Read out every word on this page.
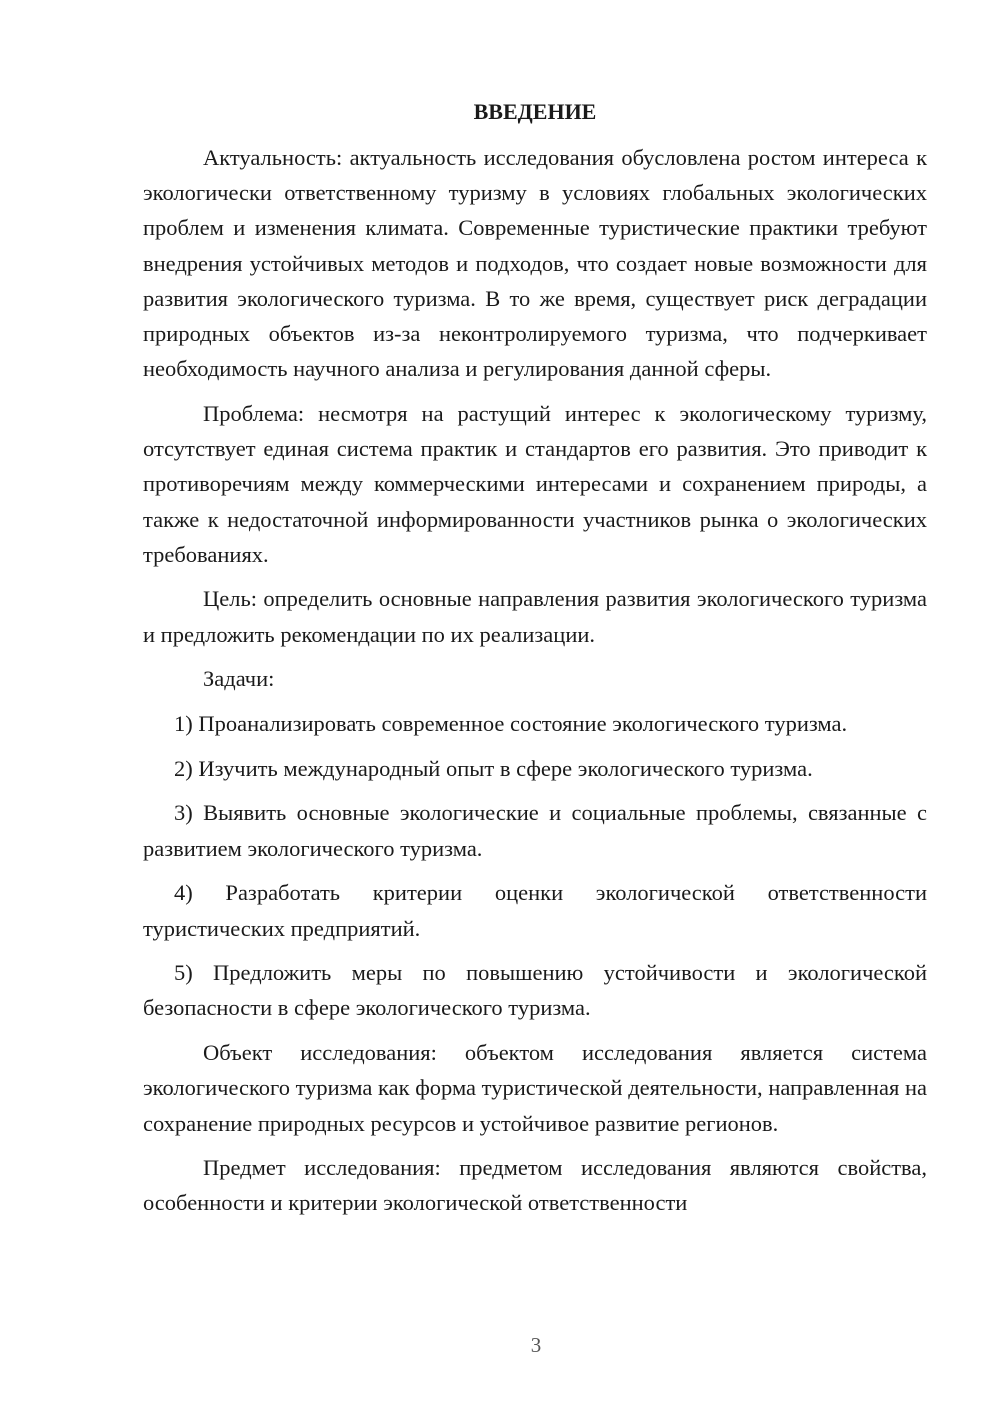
ВВЕДЕНИЕ

Актуальность: актуальность исследования обусловлена ростом интереса к экологически ответственному туризму в условиях глобальных экологических проблем и изменения климата. Современные туристические практики требуют внедрения устойчивых методов и подходов, что создает новые возможности для развития экологического туризма. В то же время, существует риск деградации природных объектов из-за неконтролируемого туризма, что подчеркивает необходимость научного анализа и регулирования данной сферы.

Проблема: несмотря на растущий интерес к экологическому туризму, отсутствует единая система практик и стандартов его развития. Это приводит к противоречиям между коммерческими интересами и сохранением природы, а также к недостаточной информированности участников рынка о экологических требованиях.

Цель: определить основные направления развития экологического туризма и предложить рекомендации по их реализации.

Задачи:

1) Проанализировать современное состояние экологического туризма.

2) Изучить международный опыт в сфере экологического туризма.

3) Выявить основные экологические и социальные проблемы, связанные с развитием экологического туризма.

4) Разработать критерии оценки экологической ответственности туристических предприятий.

5) Предложить меры по повышению устойчивости и экологической безопасности в сфере экологического туризма.

Объект исследования: объектом исследования является система экологического туризма как форма туристической деятельности, направленная на сохранение природных ресурсов и устойчивое развитие регионов.

Предмет исследования: предметом исследования являются свойства, особенности и критерии экологической ответственности

3
